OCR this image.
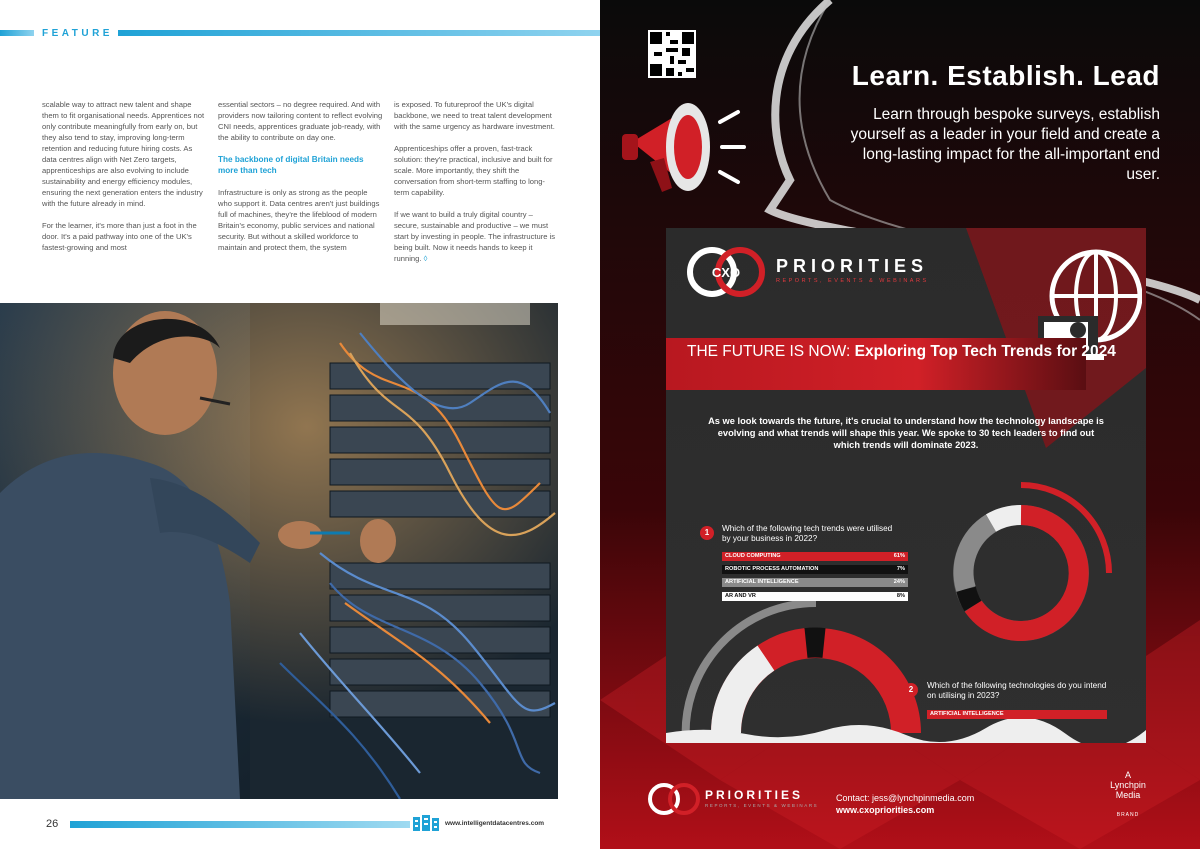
FEATURE

scalable way to attract new talent and shape them to fit organisational needs. Apprentices not only contribute meaningfully from early on, but they also tend to stay, improving long-term retention and reducing future hiring costs. As data centres align with Net Zero targets, apprenticeships are also evolving to include sustainability and energy efficiency modules, ensuring the next generation enters the industry with the future already in mind.

For the learner, it's more than just a foot in the door. It's a paid pathway into one of the UK's fastest-growing and most

essential sectors – no degree required. And with providers now tailoring content to reflect evolving CNI needs, apprentices graduate job-ready, with the ability to contribute on day one.

The backbone of digital Britain needs more than tech

Infrastructure is only as strong as the people who support it. Data centres aren't just buildings full of machines, they're the lifeblood of modern Britain's economy, public services and national security. But without a skilled workforce to maintain and protect them, the system

is exposed. To futureproof the UK's digital backbone, we need to treat talent development with the same urgency as hardware investment.

Apprenticeships offer a proven, fast-track solution: they're practical, inclusive and built for scale. More importantly, they shift the conversation from short-term staffing to long-term capability.

If we want to build a truly digital country – secure, sustainable and productive – we must start by investing in people. The infrastructure is being built. Now it needs hands to keep it running. ◊

26	www.intelligentdatacentres.com
Learn. Establish. Lead
Learn through bespoke surveys, establish yourself as a leader in your field and create a long-lasting impact for the all-important end user.
CXO PRIORITIES
REPORTS, EVENTS & WEBINARS
THE FUTURE IS NOW: Exploring Top Tech Trends for 2024
As we look towards the future, it's crucial to understand how the technology landscape is evolving and what trends will shape this year. We spoke to 30 tech leaders to find out which trends will dominate 2023.
1	Which of the following tech trends were utilised by your business in 2022?
CLOUD COMPUTING	61%
ROBOTIC PROCESS AUTOMATION	7%
ARTIFICIAL INTELLIGENCE	24%
AR AND VR	8%
2	Which of the following technologies do you intend on utilising in 2023?
ARTIFICIAL INTELLIGENCE
PRIORITIES
REPORTS, EVENTS & WEBINARS
Contact: jess@lynchpinmedia.com
www.cxopriorities.com
A
Lynchpin
Media
BRAND
